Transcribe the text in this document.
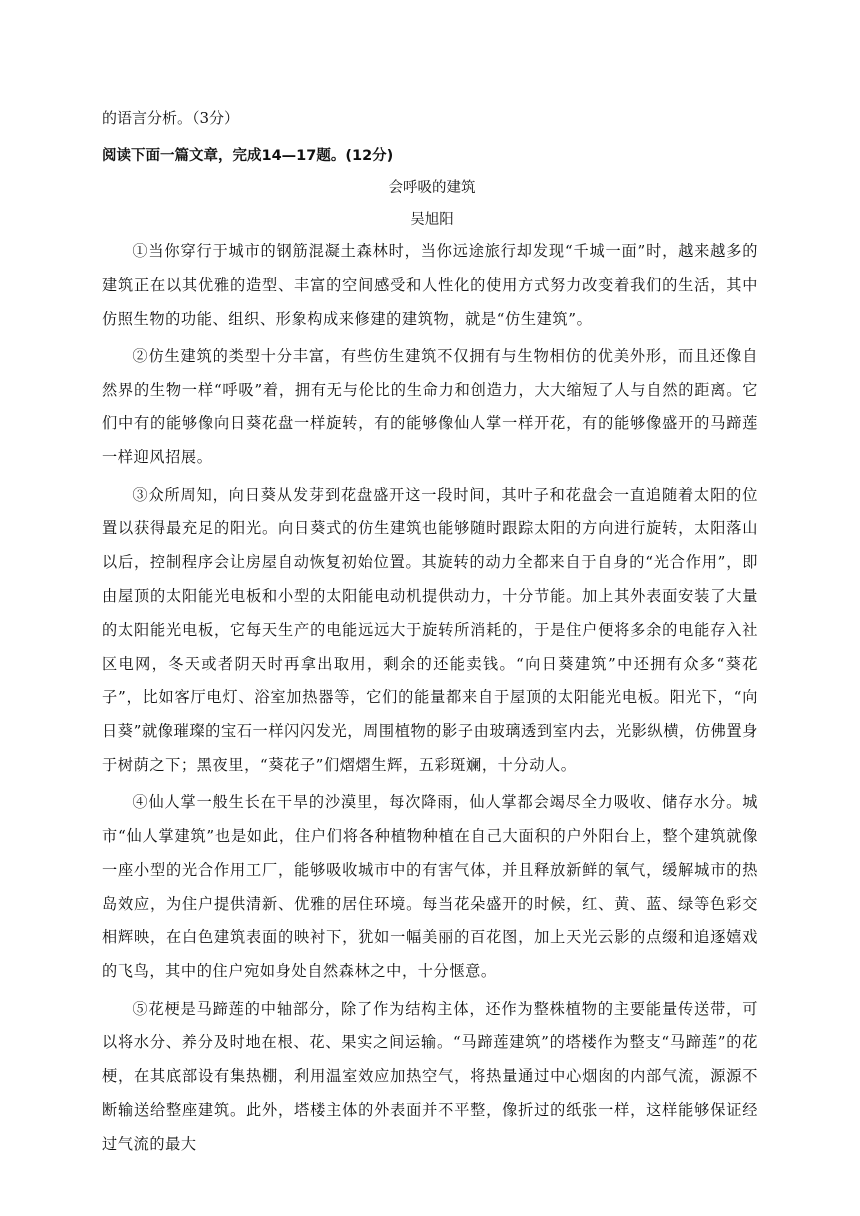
的语言分析。（3分）
阅读下面一篇文章，完成14—17题。(12分)
会呼吸的建筑
吴旭阳

①当你穿行于城市的钢筋混凝土森林时，当你远途旅行却发现“千城一面”时，越来越多的建筑正在以其优雅的造型、丰富的空间感受和人性化的使用方式努力改变着我们的生活，其中仿照生物的功能、组织、形象构成来修建的建筑物，就是“仿生建筑”。

②仿生建筑的类型十分丰富，有些仿生建筑不仅拥有与生物相仿的优美外形，而且还像自然界的生物一样“呼吸”着，拥有无与伦比的生命力和创造力，大大缩短了人与自然的距离。它们中有的能够像向日葵花盘一样旋转，有的能够像仙人掌一样开花，有的能够像盛开的马蹄莲一样迎风招展。

③众所周知，向日葵从发芽到花盘盛开这一段时间，其叶子和花盘会一直追随着太阳的位置以获得最充足的阳光。向日葵式的仿生建筑也能够随时跟踪太阳的方向进行旋转，太阳落山以后，控制程序会让房屋自动恢复初始位置。其旋转的动力全都来自于自身的“光合作用”，即由屋顶的太阳能光电板和小型的太阳能电动机提供动力，十分节能。加上其外表面安装了大量的太阳能光电板，它每天生产的电能远远大于旋转所消耗的，于是住户便将多余的电能存入社区电网，冬天或者阴天时再拿出取用，剩余的还能卖钱。“向日葵建筑”中还拥有众多“葵花子”，比如客厅电灯、浴室加热器等，它们的能量都来自于屋顶的太阳能光电板。阳光下，“向日葵”就像璀璨的宝石一样闪闪发光，周围植物的影子由玻璃透到室内去，光影纵横，仿佛置身于树荫之下；黑夜里，“葵花子”们熠熠生辉，五彩斑斓，十分动人。

④仙人掌一般生长在干旱的沙漠里，每次降雨，仙人掌都会竭尽全力吸收、储存水分。城市“仙人掌建筑”也是如此，住户们将各种植物种植在自己大面积的户外阳台上，整个建筑就像一座小型的光合作用工厂，能够吸收城市中的有害气体，并且释放新鲜的氧气，缓解城市的热岛效应，为住户提供清新、优雅的居住环境。每当花朵盛开的时候，红、黄、蓝、绿等色彩交相辉映，在白色建筑表面的映衬下，犹如一幅美丽的百花图，加上天光云影的点缀和追逐嬉戏的飞鸟，其中的住户宛如身处自然森林之中，十分惬意。

⑤花梗是马蹄莲的中轴部分，除了作为结构主体，还作为整株植物的主要能量传送带，可以将水分、养分及时地在根、花、果实之间运输。“马蹄莲建筑”的塔楼作为整支“马蹄莲”的花梗，在其底部设有集热棚，利用温室效应加热空气，将热量通过中心烟囱的内部气流，源源不断输送给整座建筑。此外，塔楼主体的外表面并不平整，像折过的纸张一样，这样能够保证经过气流的最大
